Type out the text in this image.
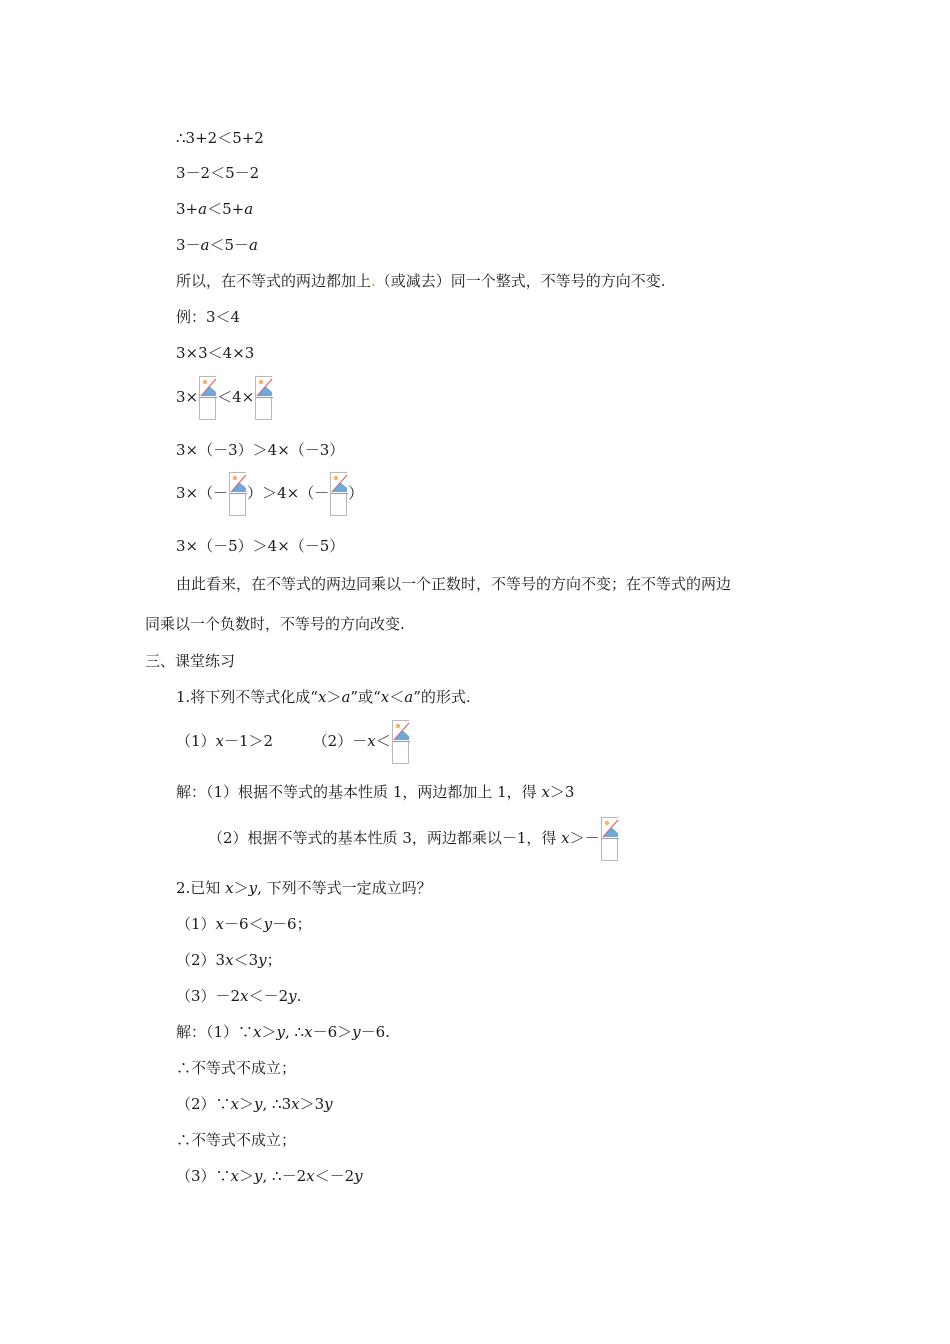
∴3+2＜5+2
3－2＜5－2
3+a＜5+a
3－a＜5－a
所以，在不等式的两边都加上.（或减去）同一个整式，不等号的方向不变.
例：3＜4
3×3＜4×3
3× ＜4×
3×（－3）＞4×（－3）
3×（－ ）＞4×（－ ）
3×（－5）＞4×（－5）
由此看来，在不等式的两边同乘以一个正数时，不等号的方向不变；在不等式的两边
同乘以一个负数时，不等号的方向改变.
三、课堂练习
1.将下列不等式化成“x＞a”或“x＜a”的形式.
（1）x－1＞2	（2）－x＜
解：（1）根据不等式的基本性质 1，两边都加上 1，得 x＞3
（2）根据不等式的基本性质 3，两边都乘以－1，得 x＞－
2.已知 x＞y, 下列不等式一定成立吗？
（1）x－6＜y－6；
（2）3x＜3y；
（3）－2x＜－2y.
解：（1）∵x＞y, ∴x－6＞y－6.
∴不等式不成立；
（2）∵x＞y, ∴3x＞3y
∴不等式不成立；
（3）∵x＞y, ∴－2x＜－2y
